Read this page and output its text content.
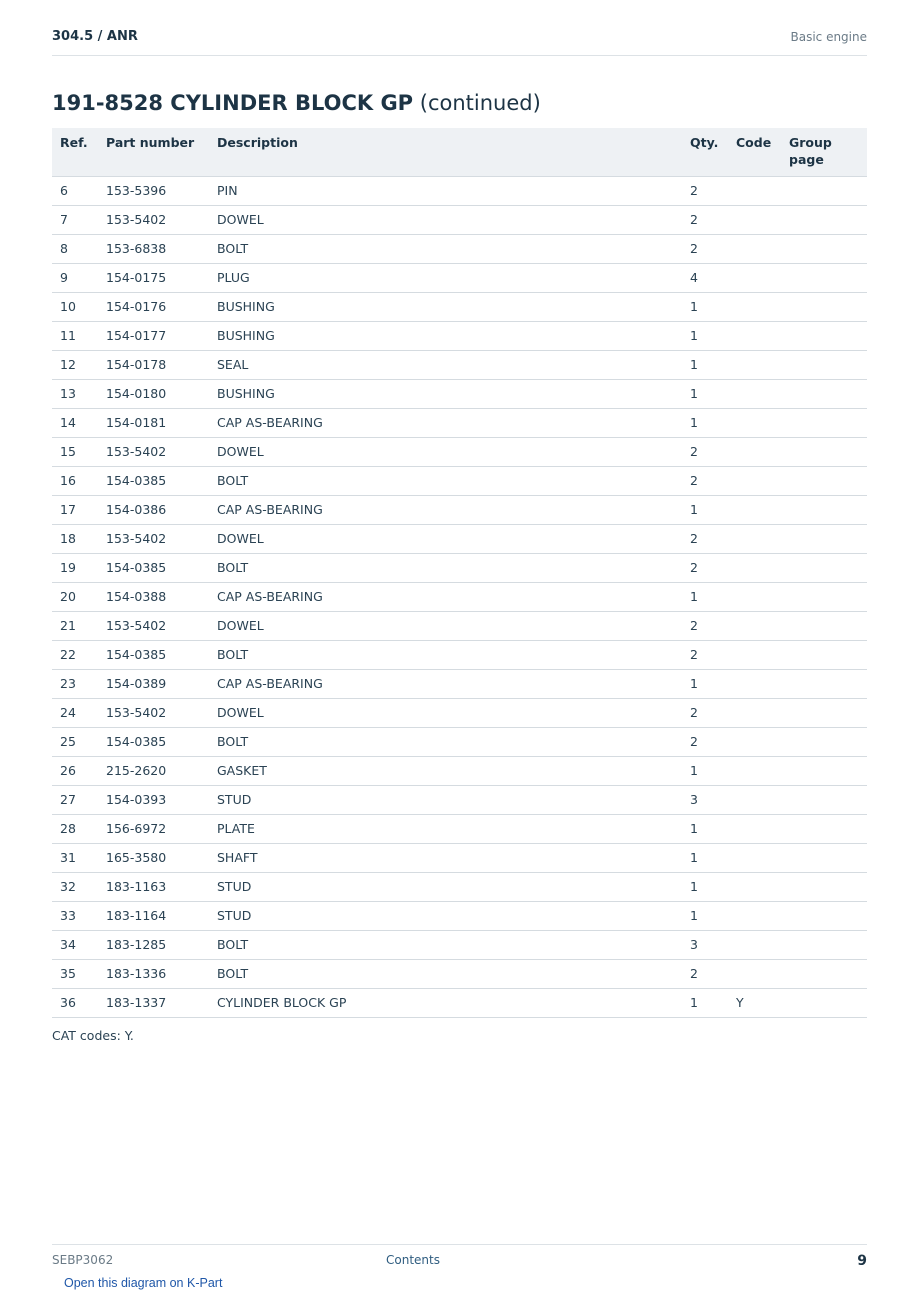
304.5 / ANR	Basic engine
191-8528 CYLINDER BLOCK GP (continued)
Ref.	Part number	Description	Qty.	Code	Group page
6	153-5396	PIN	2		
7	153-5402	DOWEL	2		
8	153-6838	BOLT	2		
9	154-0175	PLUG	4		
10	154-0176	BUSHING	1		
11	154-0177	BUSHING	1		
12	154-0178	SEAL	1		
13	154-0180	BUSHING	1		
14	154-0181	CAP AS-BEARING	1		
15	153-5402	DOWEL	2		
16	154-0385	BOLT	2		
17	154-0386	CAP AS-BEARING	1		
18	153-5402	DOWEL	2		
19	154-0385	BOLT	2		
20	154-0388	CAP AS-BEARING	1		
21	153-5402	DOWEL	2		
22	154-0385	BOLT	2		
23	154-0389	CAP AS-BEARING	1		
24	153-5402	DOWEL	2		
25	154-0385	BOLT	2		
26	215-2620	GASKET	1		
27	154-0393	STUD	3		
28	156-6972	PLATE	1		
31	165-3580	SHAFT	1		
32	183-1163	STUD	1		
33	183-1164	STUD	1		
34	183-1285	BOLT	3		
35	183-1336	BOLT	2		
36	183-1337	CYLINDER BLOCK GP	1	Y	
CAT codes: Y.
SEBP3062	Contents	9
Open this diagram on K-Part
